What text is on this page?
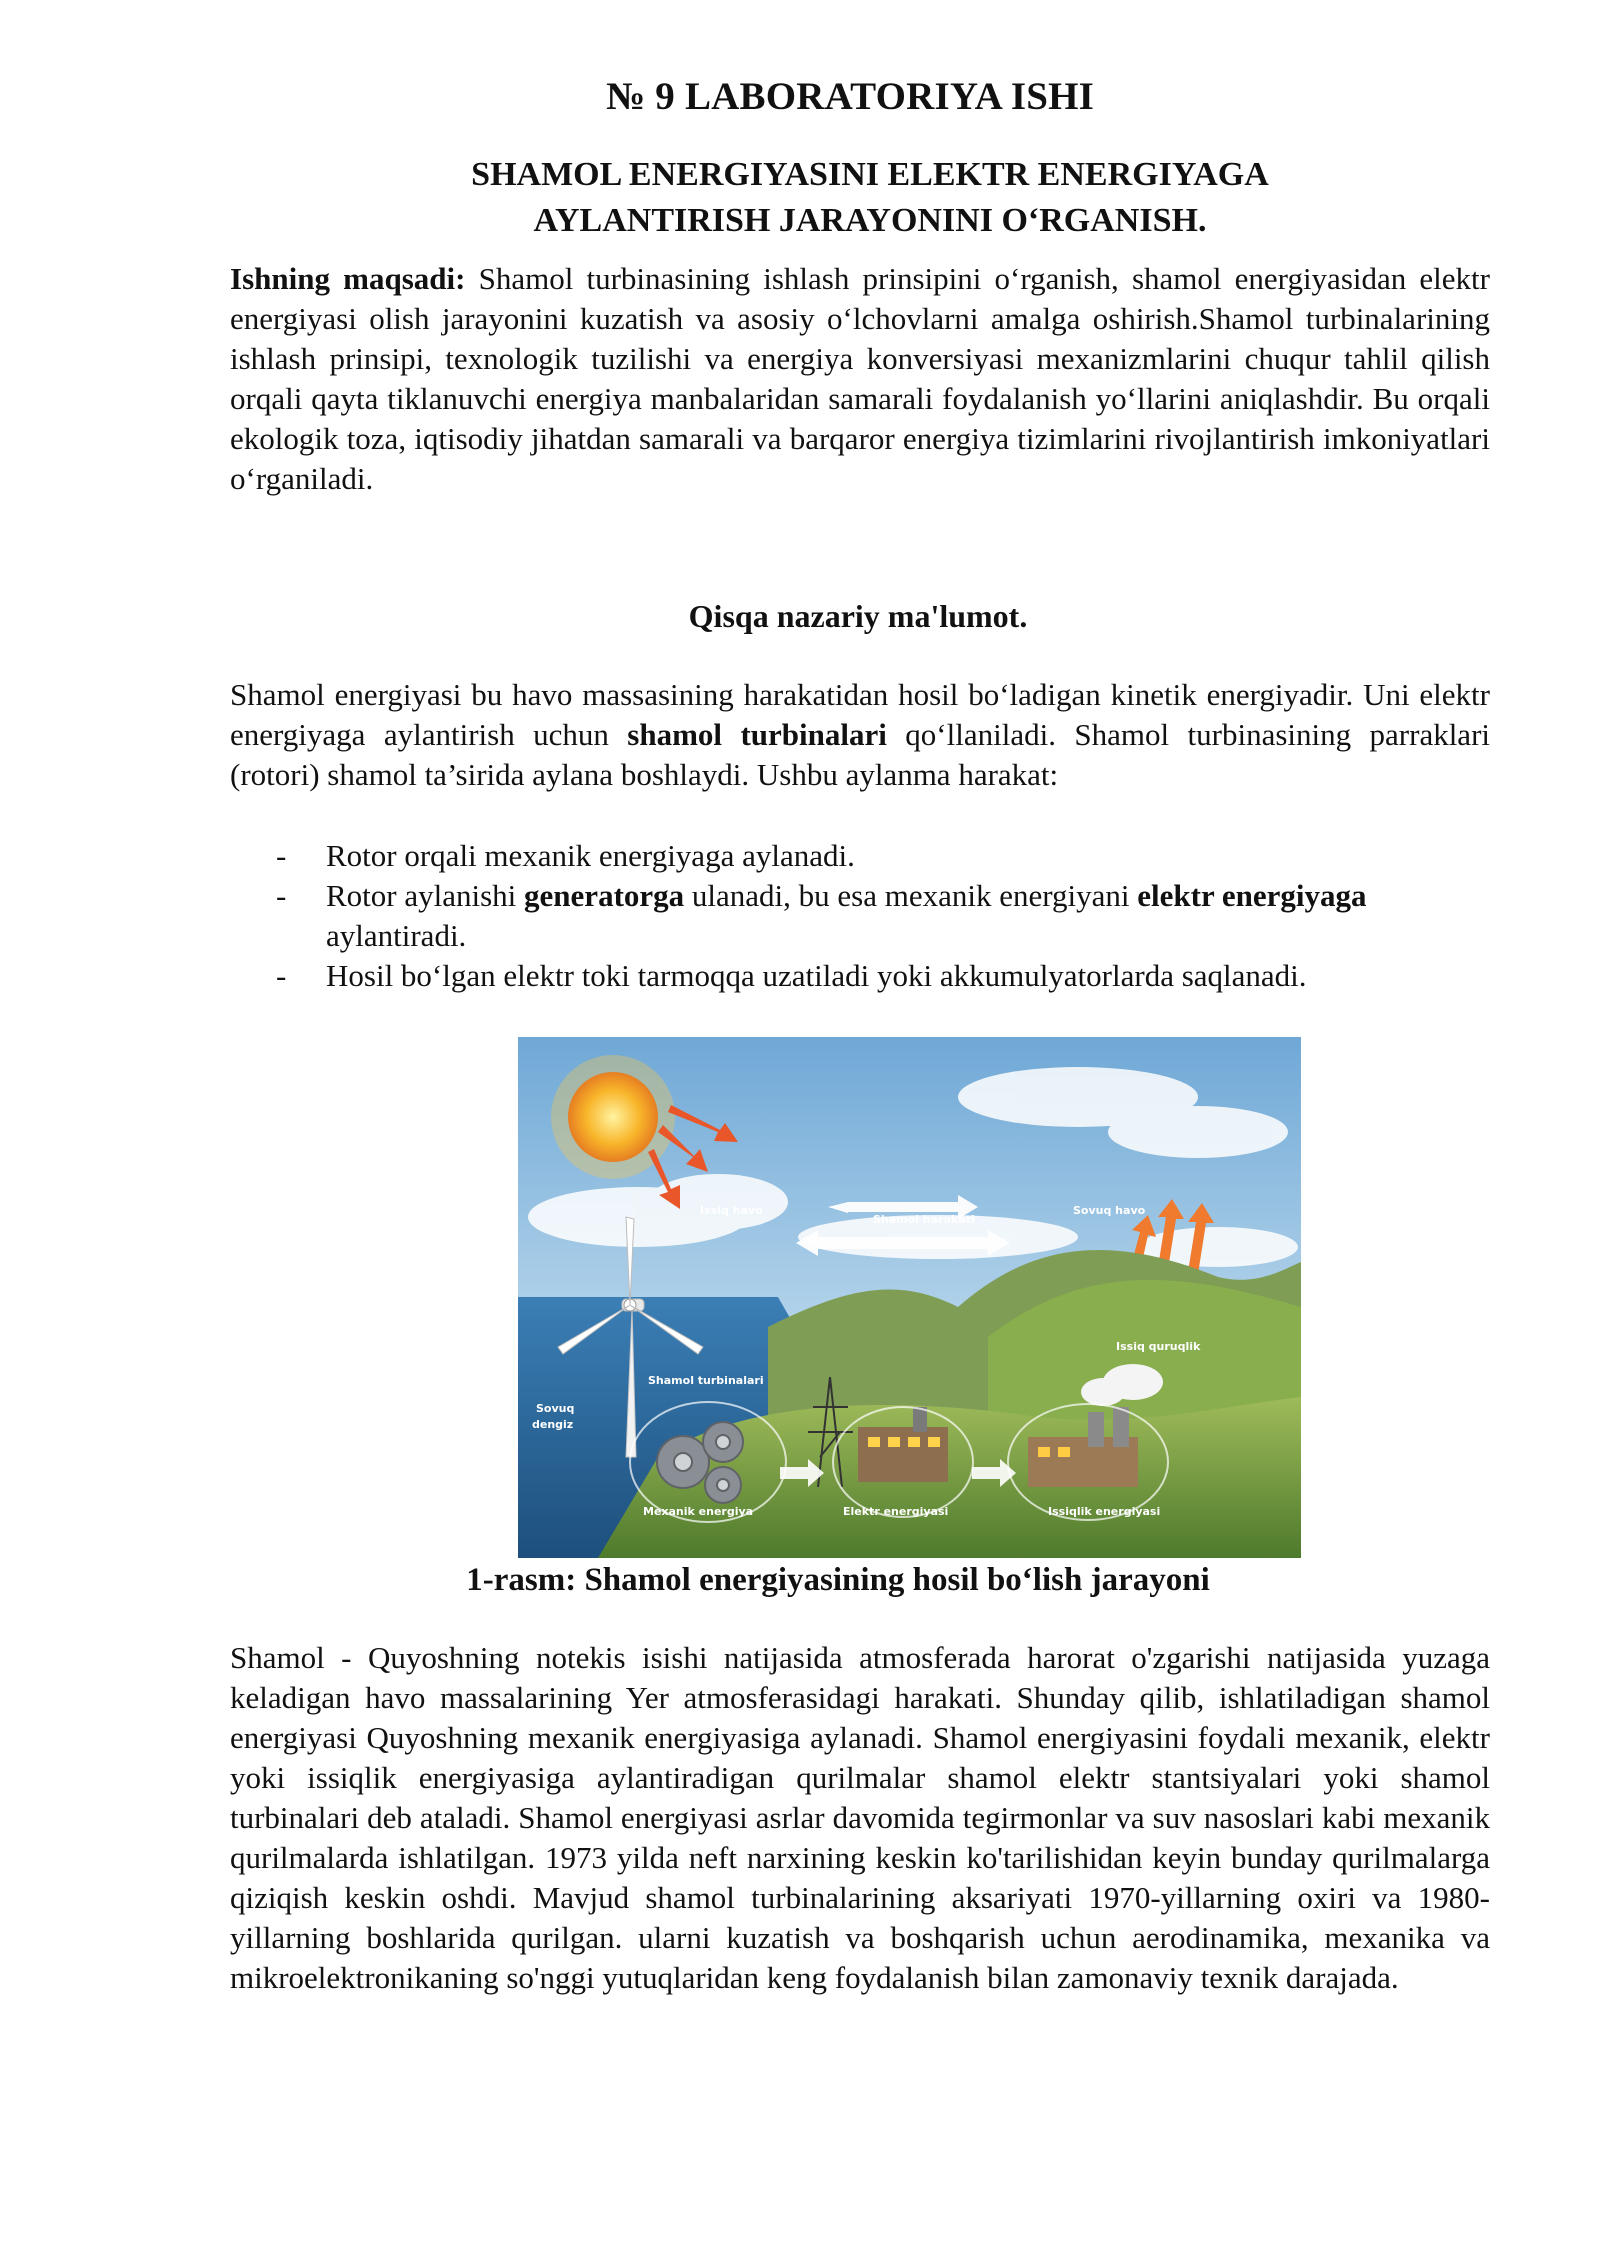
№ 9 LABORATORIYA ISHI
SHAMOL ENERGIYASINI ELEKTR ENERGIYAGA
AYLANTIRISH JARAYONINI O‘RGANISH.

Ishning maqsadi: Shamol turbinasining ishlash prinsipini o‘rganish, shamol energiyasidan elektr energiyasi olish jarayonini kuzatish va asosiy o‘lchovlarni amalga oshirish.Shamol turbinalarining ishlash prinsipi, texnologik tuzilishi va energiya konversiyasi mexanizmlarini chuqur tahlil qilish orqali qayta tiklanuvchi energiya manbalaridan samarali foydalanish yo‘llarini aniqlashdir. Bu orqali ekologik toza, iqtisodiy jihatdan samarali va barqaror energiya tizimlarini rivojlantirish imkoniyatlari o‘rganiladi.

Qisqa nazariy ma'lumot.

Shamol energiyasi bu havo massasining harakatidan hosil bo‘ladigan kinetik energiyadir. Uni elektr energiyaga aylantirish uchun shamol turbinalari qo‘llaniladi. Shamol turbinasining parraklari (rotori) shamol ta’sirida aylana boshlaydi. Ushbu aylanma harakat:

- Rotor orqali mexanik energiyaga aylanadi.
- Rotor aylanishi generatorga ulanadi, bu esa mexanik energiyani elektr energiyaga aylantiradi.
- Hosil bo‘lgan elektr toki tarmoqqa uzatiladi yoki akkumulyatorlarda saqlanadi.
Issiq havo
Shamol harakati
Sovuq havo
Issiq quruqlik
Shamol turbinalari
Sovuq
dengiz
Mexanik energiya	Elektr energiyasi	Issiqlik energiyasi
1-rasm: Shamol energiyasining hosil bo‘lish jarayoni

Shamol - Quyoshning notekis isishi natijasida atmosferada harorat o'zgarishi natijasida yuzaga keladigan havo massalarining Yer atmosferasidagi harakati. Shunday qilib, ishlatiladigan shamol energiyasi Quyoshning mexanik energiyasiga aylanadi. Shamol energiyasini foydali mexanik, elektr yoki issiqlik energiyasiga aylantiradigan qurilmalar shamol elektr stantsiyalari yoki shamol turbinalari deb ataladi. Shamol energiyasi asrlar davomida tegirmonlar va suv nasoslari kabi mexanik qurilmalarda ishlatilgan. 1973 yilda neft narxining keskin ko'tarilishidan keyin bunday qurilmalarga qiziqish keskin oshdi. Mavjud shamol turbinalarining aksariyati 1970-yillarning oxiri va 1980-yillarning boshlarida qurilgan. ularni kuzatish va boshqarish uchun aerodinamika, mexanika va mikroelektronikaning so'nggi yutuqlaridan keng foydalanish bilan zamonaviy texnik darajada.
